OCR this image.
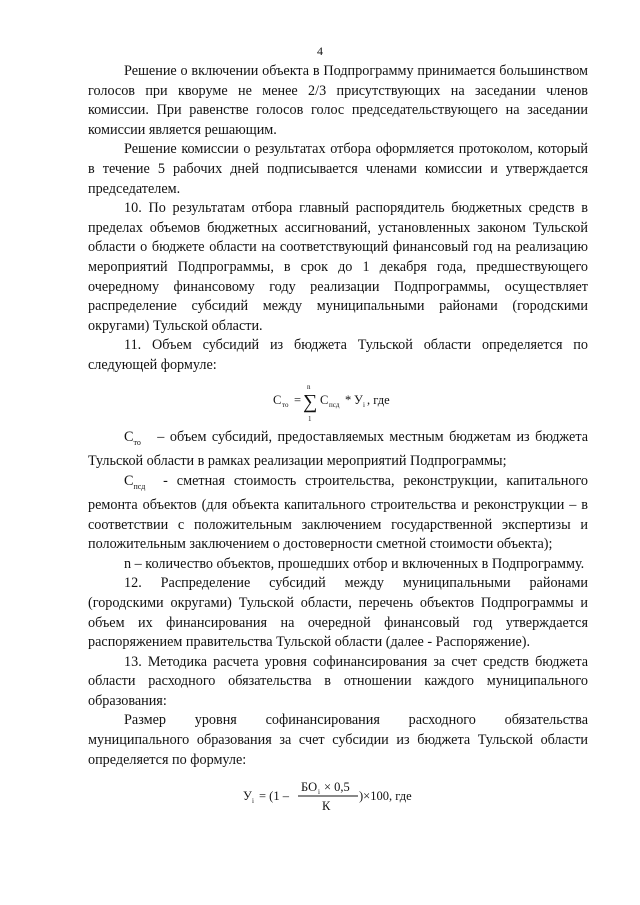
4

Решение о включении объекта в Подпрограмму принимается большинством голосов при кворуме не менее 2/3 присутствующих на заседании членов комиссии. При равенстве голосов голос председательствующего на заседании комиссии является решающим.

Решение комиссии о результатах отбора оформляется протоколом, который в течение 5 рабочих дней подписывается членами комиссии и утверждается председателем.

10. По результатам отбора главный распорядитель бюджетных средств в пределах объемов бюджетных ассигнований, установленных законом Тульской области о бюджете области на соответствующий финансовый год на реализацию мероприятий Подпрограммы, в срок до 1 декабря года, предшествующего очередному финансовому году реализации Подпрограммы, осуществляет распределение субсидий между муниципальными районами (городскими округами) Тульской области.

11. Объем субсидий из бюджета Тульской области определяется по следующей формуле:

С то =
n
∑
1
С псд * У i , где

$С_{то}$ – объем субсидий, предоставляемых местным бюджетам из бюджета Тульской области в рамках реализации мероприятий Подпрограммы;

$С_{псд}$ - сметная стоимость строительства, реконструкции, капитального ремонта объектов (для объекта капитального строительства и реконструкции – в соответствии с положительным заключением государственной экспертизы и положительным заключением о достоверности сметной стоимости объекта);

n – количество объектов, прошедших отбор и включенных в Подпрограмму.

12. Распределение субсидий между муниципальными районами (городскими округами) Тульской области, перечень объектов Подпрограммы и объем их финансирования на очередной финансовый год утверждается распоряжением правительства Тульской области (далее - Распоряжение).

13. Методика расчета уровня софинансирования за счет средств бюджета области расходного обязательства в отношении каждого муниципального образования:

Размер уровня софинансирования расходного обязательства муниципального образования за счет субсидии из бюджета Тульской области определяется по формуле:

У i = (1 –
БО i × 0,5
К
)×100, где
